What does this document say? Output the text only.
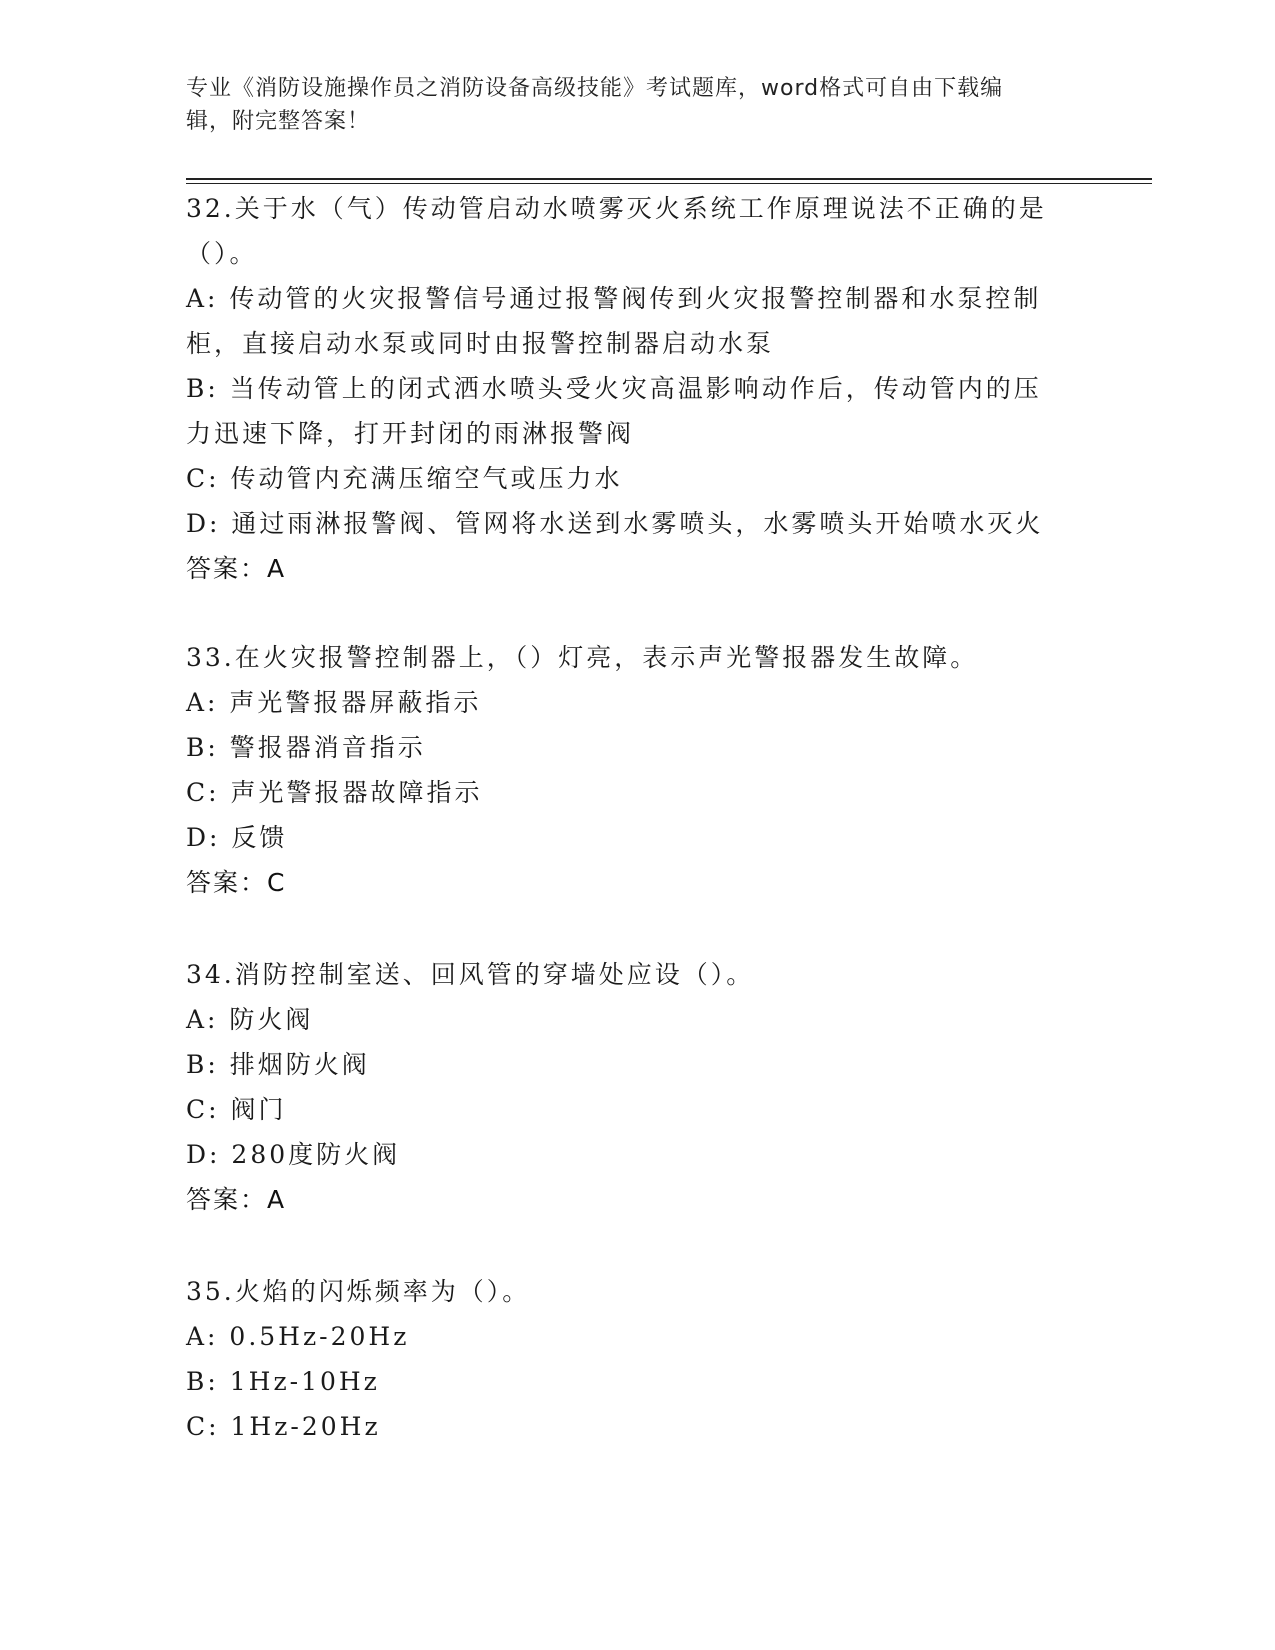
专业《消防设施操作员之消防设备高级技能》考试题库，word格式可自由下载编
辑，附完整答案！
32.关于水（气）传动管启动水喷雾灭火系统工作原理说法不正确的是
（）。
A: 传动管的火灾报警信号通过报警阀传到火灾报警控制器和水泵控制
柜，直接启动水泵或同时由报警控制器启动水泵
B: 当传动管上的闭式洒水喷头受火灾高温影响动作后，传动管内的压
力迅速下降，打开封闭的雨淋报警阀
C: 传动管内充满压缩空气或压力水
D: 通过雨淋报警阀、管网将水送到水雾喷头，水雾喷头开始喷水灭火
答案：A
33.在火灾报警控制器上，（）灯亮，表示声光警报器发生故障。
A: 声光警报器屏蔽指示
B: 警报器消音指示
C: 声光警报器故障指示
D: 反馈
答案：C
34.消防控制室送、回风管的穿墙处应设（）。
A: 防火阀
B: 排烟防火阀
C: 阀门
D: 280度防火阀
答案：A
35.火焰的闪烁频率为（）。
A: 0.5Hz-20Hz
B: 1Hz-10Hz
C: 1Hz-20Hz
